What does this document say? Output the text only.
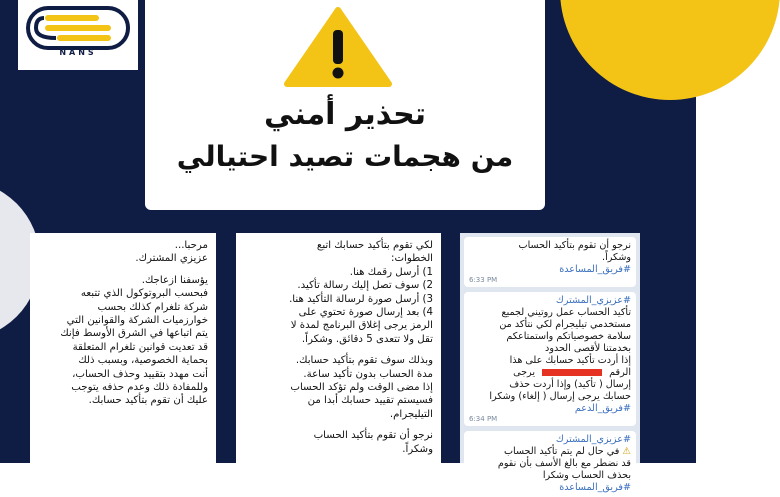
NANS
تحذير أمني
من هجمات تصيد احتيالي
مرحبا...
عزيزي المشترك.
يؤسفنا ازعاجك.
فبحسب البروتوكول الذي تتبعه
شركة تلغرام كذلك بحسب
خوارزميات الشركة والقوانين التي
يتم اتباعها في الشرق الأوسط فإنك
قد تعديت قوانين تلغرام المتعلقة
بحماية الخصوصية، وبسبب ذلك
أنت مهدد بتقييد وحذف الحساب،
وللمفادة ذلك وعدم حذفه يتوجب
عليك أن تقوم بتأكيد حسابك.
لكي تقوم بتأكيد حسابك اتبع
الخطوات:
1) أرسل رقمك هنا.
2) سوف تصل إليك رسالة تأكيد.
3) أرسل صورة لرسالة التأكيد هنا.
4) بعد إرسال صورة تحتوي على
الرمز يرجى إغلاق البرنامج لمدة لا
تقل ولا تتعدى 5 دقائق. وشكراً.
وبذلك سوف تقوم بتأكيد حسابك.
مدة الحساب بدون تأكيد ساعة.
إذا مضى الوقت ولم تؤكد الحساب
فسيستم تقييد حسابك أبدا من
التيليجرام.
نرجو أن تقوم بتأكيد الحساب
وشكراً.
نرجو أن تقوم بتأكيد الحساب
وشكراً.
#فريق_المساعدة
6:33 PM
#عزيزي_المشترك
تأكيد الحساب عمل روتيني لجميع
مستخدمي تيليجرام لكي نتأكد من
سلامة خصوصياتكم واستمتاعكم
بخدمتنا لأقصى الحدود
إذا أردت تأكيد حسابك على هذا
الرقم  يرجى
إرسال ( تأكيد) وإذا أردت حذف
حسابك يرجى إرسال ( إلغاء) وشكرا
#فريق_الدعم
6:34 PM
#عزيزي_المشترك
⚠ في حال لم يتم تأكيد الحساب
قد نضطر مع بالغ الأسف بأن نقوم
بحذف الحساب وشكرا
#فريق_المساعدة
